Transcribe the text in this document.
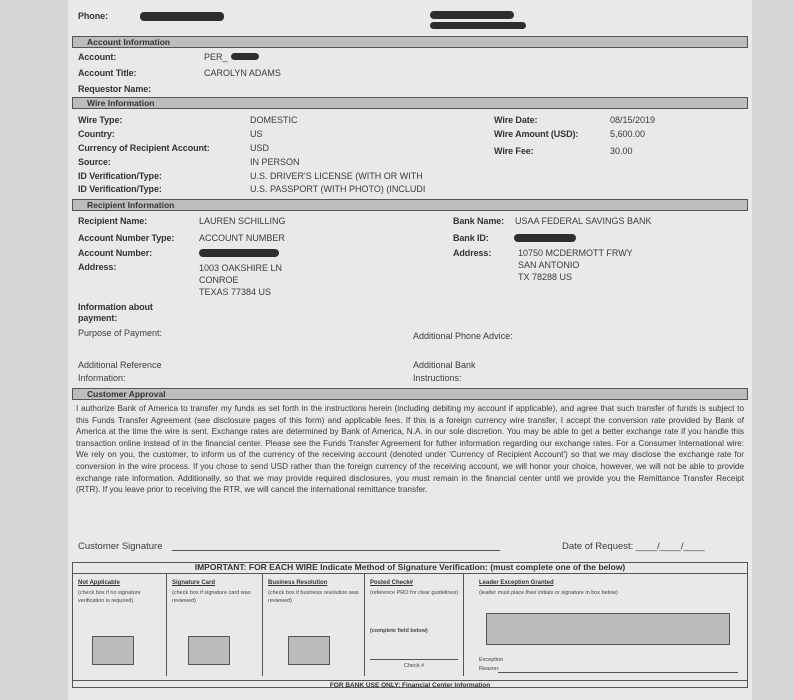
Phone:
Account Information
Account:	PER_
Account Title:	CAROLYN ADAMS
Requestor Name:
Wire Information
Wire Type:	DOMESTIC
Country:	US
Currency of Recipient Account:	USD
Source:	IN PERSON
ID Verification/Type:	U.S. DRIVER'S LICENSE (WITH OR WITH
ID Verification/Type:	U.S. PASSPORT (WITH PHOTO) (INCLUDI
Wire Date:	08/15/2019
Wire Amount (USD):	5,600.00
Wire Fee:	30.00
Recipient Information
Recipient Name:	LAUREN SCHILLING
Account Number Type:	ACCOUNT NUMBER
Account Number:
Address:	1003 OAKSHIRE LN
CONROE
TEXAS 77384 US
Bank Name: USAA FEDERAL SAVINGS BANK
Bank ID:
Address:	10750 MCDERMOTT FRWY
SAN ANTONIO
TX 78288 US
Information about
payment:
Purpose of Payment:	Additional Phone Advice:
Additional Reference
Information:
Additional Bank
Instructions:
Customer Approval
I authorize Bank of America to transfer my funds as set forth in the instructions herein (including debiting my account if applicable), and agree that such transfer of funds is subject to this Funds Transfer Agreement (see disclosure pages of this form) and applicable fees. If this is a foreign currency wire transfer, I accept the conversion rate provided by Bank of America at the time the wire is sent. Exchange rates are determined by Bank of America, N.A. in our sole discretion. You may be able to get a better exchange rate if you handle this transaction online instead of in the financial center. Please see the Funds Transfer Agreement for futher information regarding our exchange rates. For a Consumer International wire: We rely on you, the customer, to inform us of the currency of the receiving account (denoted under 'Currency of Recipient Account') so that we may disclose the exchange rate for conversion in the wire process. If you chose to send USD rather than the foreign currency of the receiving account, we will honor your choice, however, we will not be able to provide exchange rate information. Additionally, so that we may provide required disclosures, you must remain in the financial center until we provide you the Remittance Transfer Receipt (RTR). If you leave prior to receiving the RTR, we will cancel the international remittance transfer.
Customer Signature	Date of Request: ____/____/____
IMPORTANT: FOR EACH WIRE Indicate Method of Signature Verification: (must complete one of the below)
Not Applicable
(check box if no signature verification is required)
Signature Card
(check box if signature card was reviewed)
Business Resolution
(check box if business resolution was reviewed)
Posted Check#
(reference PRO for clear guidelines)
(complete field below)
Check #
Leader Exception Granted
(leader must place their initials or signature in box below)
Exception
Reason:
FOR BANK USE ONLY: Financial Center Information
